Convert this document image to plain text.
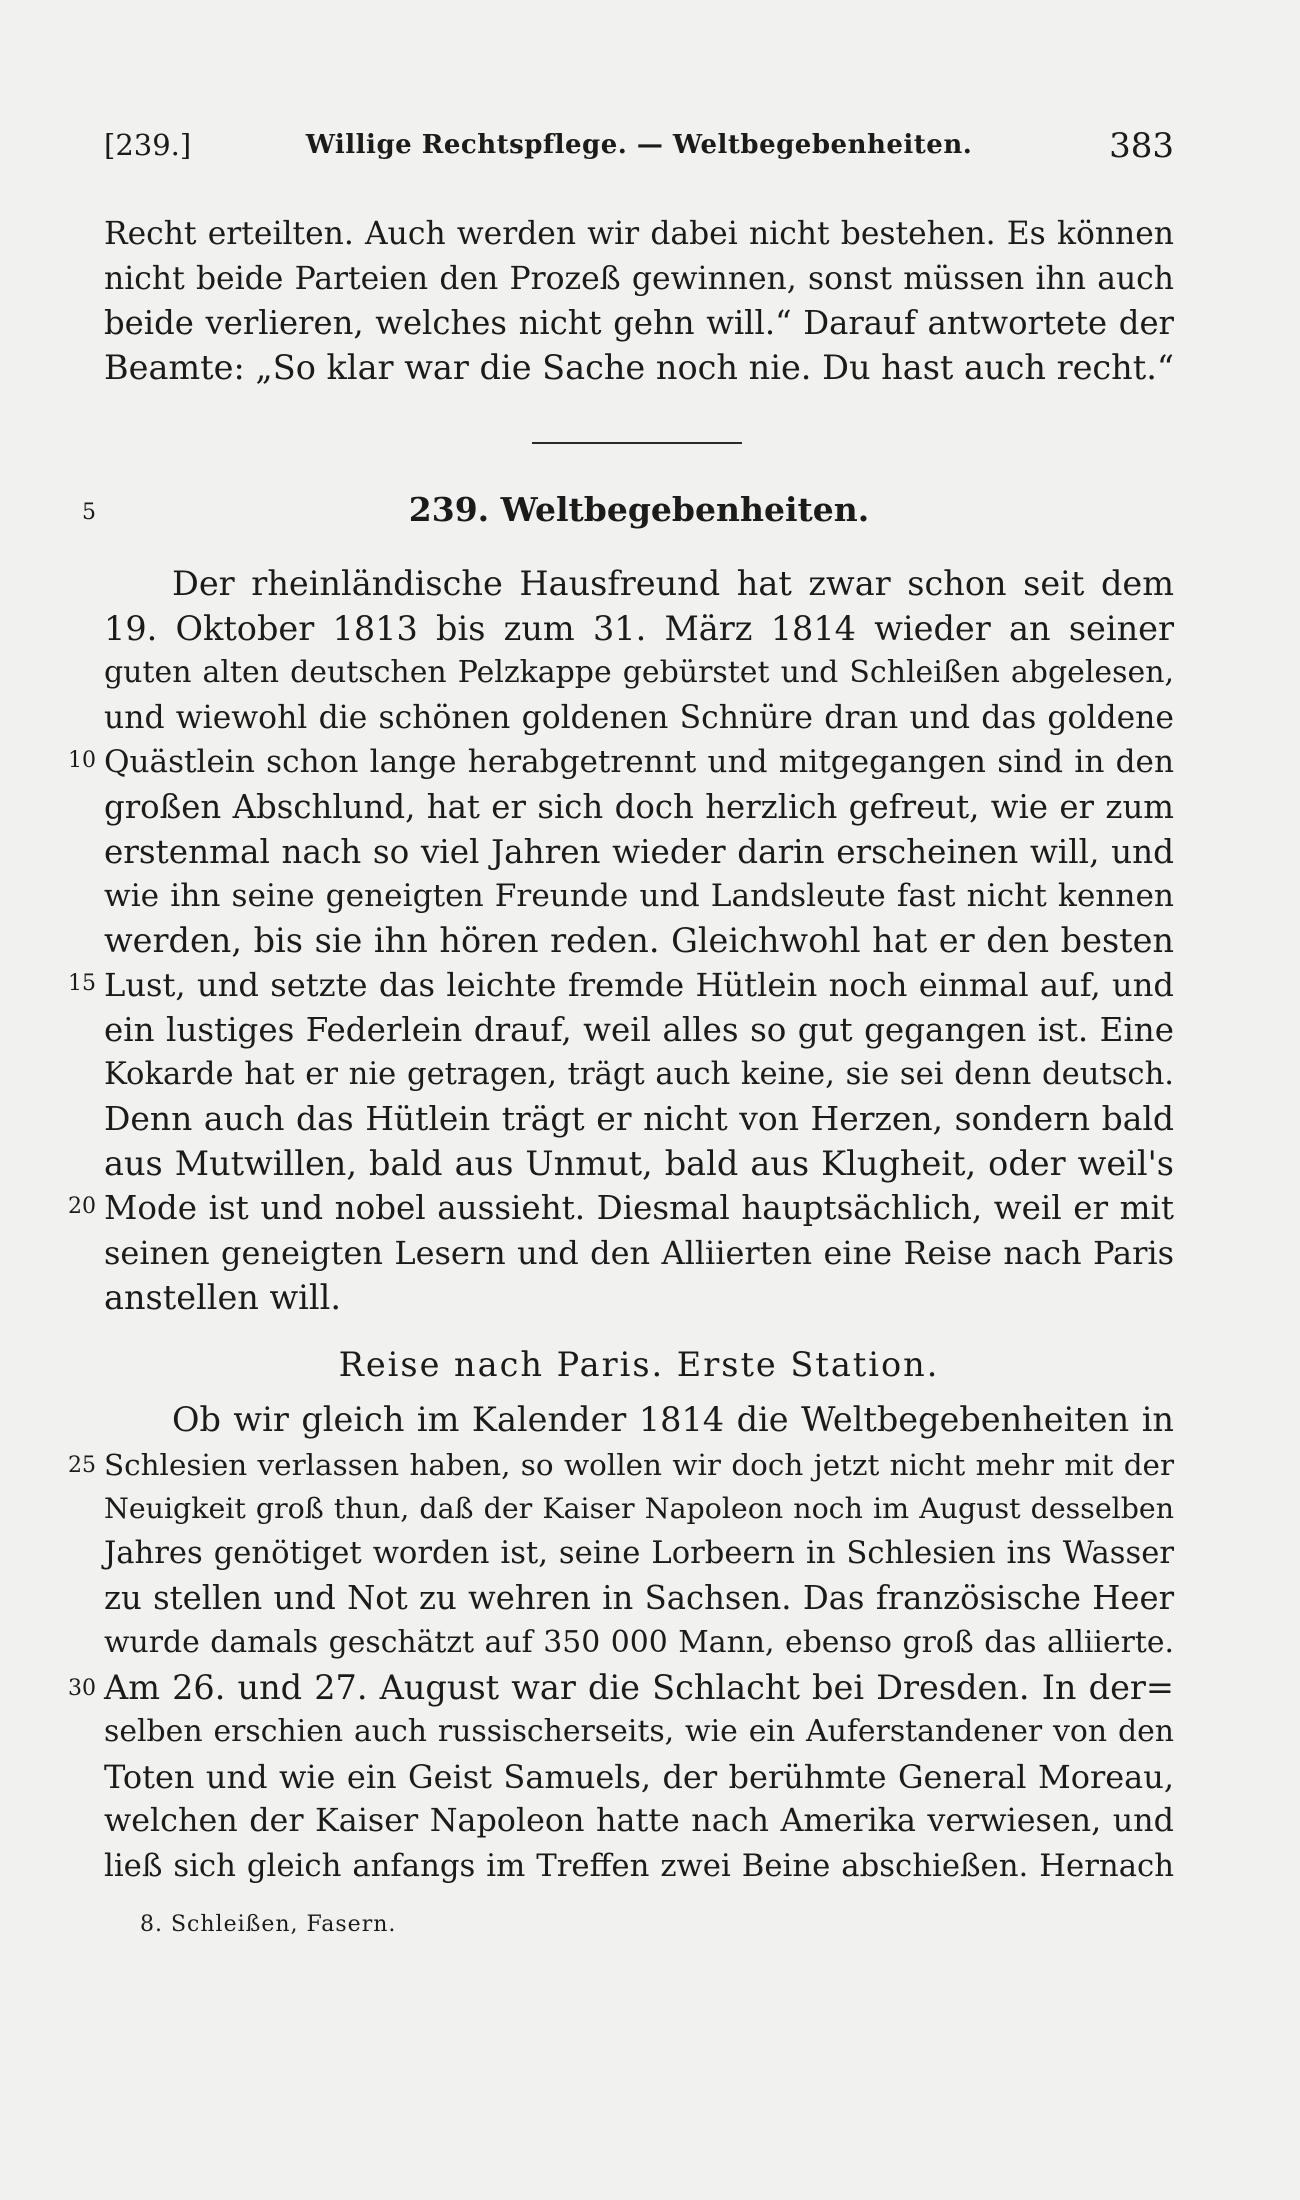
[239.]	Willige Rechtspflege. — Weltbegebenheiten.	383
Recht erteilten. Auch werden wir dabei nicht bestehen. Es können
nicht beide Parteien den Prozeß gewinnen, sonst müssen ihn auch
beide verlieren, welches nicht gehn will.“ Darauf antwortete der
Beamte: „So klar war die Sache noch nie. Du hast auch recht.“
239. Weltbegebenheiten.
Der rheinländische Hausfreund hat zwar schon seit dem
19. Oktober 1813 bis zum 31. März 1814 wieder an seiner
guten alten deutschen Pelzkappe gebürstet und Schleißen abgelesen,
und wiewohl die schönen goldenen Schnüre dran und das goldene
Quästlein schon lange herabgetrennt und mitgegangen sind in den
großen Abschlund, hat er sich doch herzlich gefreut, wie er zum
erstenmal nach so viel Jahren wieder darin erscheinen will, und
wie ihn seine geneigten Freunde und Landsleute fast nicht kennen
werden, bis sie ihn hören reden. Gleichwohl hat er den besten
Lust, und setzte das leichte fremde Hütlein noch einmal auf, und
ein lustiges Federlein drauf, weil alles so gut gegangen ist. Eine
Kokarde hat er nie getragen, trägt auch keine, sie sei denn deutsch.
Denn auch das Hütlein trägt er nicht von Herzen, sondern bald
aus Mutwillen, bald aus Unmut, bald aus Klugheit, oder weil's
Mode ist und nobel aussieht. Diesmal hauptsächlich, weil er mit
seinen geneigten Lesern und den Alliierten eine Reise nach Paris
anstellen will.
Reise nach Paris. Erste Station.
Ob wir gleich im Kalender 1814 die Weltbegebenheiten in
Schlesien verlassen haben, so wollen wir doch jetzt nicht mehr mit der
Neuigkeit groß thun, daß der Kaiser Napoleon noch im August desselben
Jahres genötiget worden ist, seine Lorbeern in Schlesien ins Wasser
zu stellen und Not zu wehren in Sachsen. Das französische Heer
wurde damals geschätzt auf 350 000 Mann, ebenso groß das alliierte.
Am 26. und 27. August war die Schlacht bei Dresden. In der=
selben erschien auch russischerseits, wie ein Auferstandener von den
Toten und wie ein Geist Samuels, der berühmte General Moreau,
welchen der Kaiser Napoleon hatte nach Amerika verwiesen, und
ließ sich gleich anfangs im Treffen zwei Beine abschießen. Hernach
5
10
15
20
25
30
8. Schleißen, Fasern.
